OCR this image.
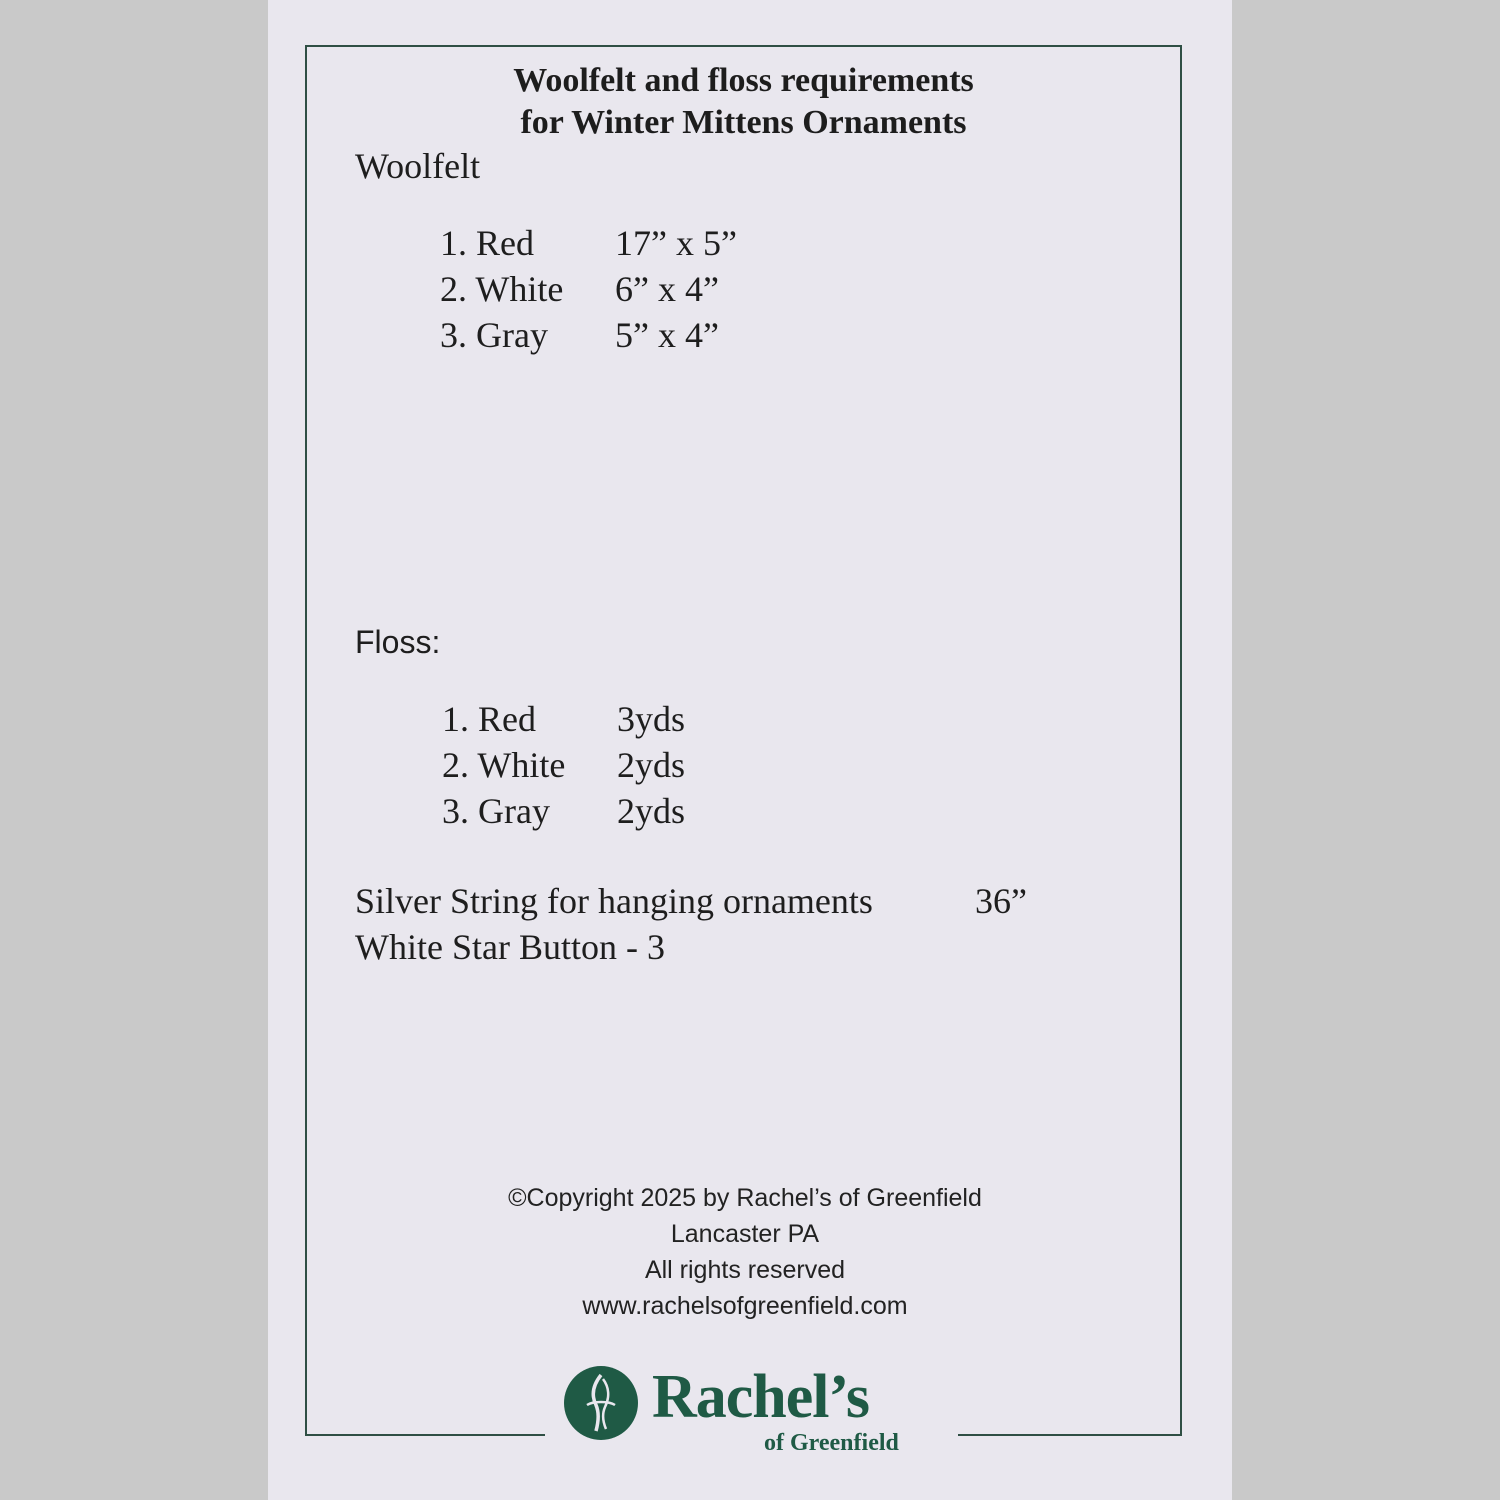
Woolfelt and floss requirements
for Winter Mittens Ornaments
Woolfelt
1. Red 17” x 5”
2. White 6” x 4”
3. Gray 5” x 4”
Floss:
1. Red 3yds
2. White 2yds
3. Gray 2yds
Silver String for hanging ornaments	36”
White Star Button - 3
©Copyright 2025 by Rachel’s of Greenfield
Lancaster PA
All rights reserved
www.rachelsofgreenfield.com
Rachel’s
of Greenfield
